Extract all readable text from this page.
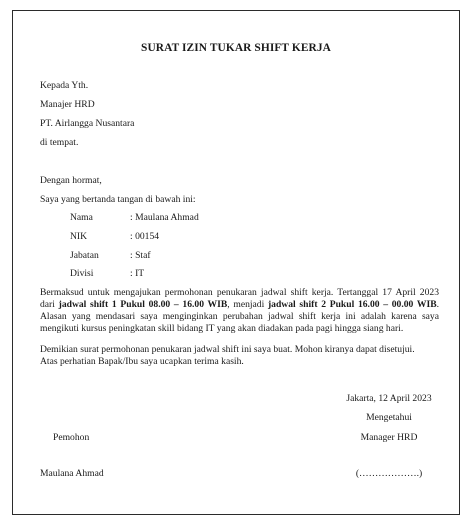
SURAT IZIN TUKAR SHIFT KERJA
Kepada Yth.
Manajer HRD
PT. Airlangga Nusantara
di tempat.
Dengan hormat,
Saya yang bertanda tangan di bawah ini:
Nama	: Maulana Ahmad
NIK	: 00154
Jabatan	: Staf
Divisi	: IT
Bermaksud untuk mengajukan permohonan penukaran jadwal shift kerja. Tertanggal 17 April 2023
dari jadwal shift 1 Pukul 08.00 – 16.00 WIB, menjadi jadwal shift 2 Pukul 16.00 – 00.00 WIB.
Alasan yang mendasari saya menginginkan perubahan jadwal shift kerja ini adalah karena saya
mengikuti kursus peningkatan skill bidang IT yang akan diadakan pada pagi hingga siang hari.
Demikian surat permohonan penukaran jadwal shift ini saya buat. Mohon kiranya dapat disetujui.
Atas perhatian Bapak/Ibu saya ucapkan terima kasih.
Jakarta, 12 April 2023
Mengetahui
Pemohon	Manager HRD
Maulana Ahmad	(……………….)
